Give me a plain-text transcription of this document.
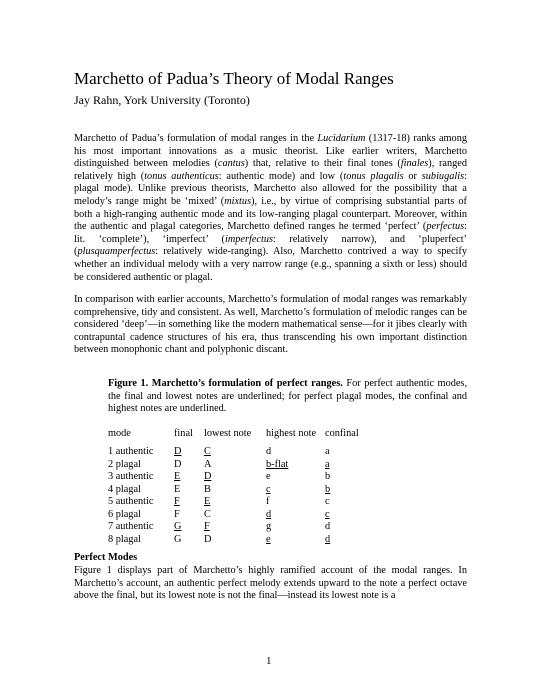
Marchetto of Padua’s Theory of Modal Ranges
Jay Rahn, York University (Toronto)
Marchetto of Padua’s formulation of modal ranges in the Lucidarium (1317-18) ranks among his most important innovations as a music theorist. Like earlier writers, Marchetto distinguished between melodies (cantus) that, relative to their final tones (finales), ranged relatively high (tonus authenticus: authentic mode) and low (tonus plagalis or subiugalis: plagal mode). Unlike previous theorists, Marchetto also allowed for the possibility that a melody’s range might be ‘mixed’ (mixtus), i.e., by virtue of comprising substantial parts of both a high-ranging authentic mode and its low-ranging plagal counterpart. Moreover, within the authentic and plagal categories, Marchetto defined ranges he termed ‘perfect’ (perfectus: lit. ‘complete’), ‘imperfect’ (imperfectus: relatively narrow), and ‘pluperfect’ (plusquamperfectus: relatively wide-ranging). Also, Marchetto contrived a way to specify whether an individual melody with a very narrow range (e.g., spanning a sixth or less) should be considered authentic or plagal.
In comparison with earlier accounts, Marchetto’s formulation of modal ranges was remarkably comprehensive, tidy and consistent. As well, Marchetto’s formulation of melodic ranges can be considered ‘deep’—in something like the modern mathematical sense—for it jibes clearly with contrapuntal cadence structures of his era, thus transcending his own important distinction between monophonic chant and polyphonic discant.
Figure 1. Marchetto’s formulation of perfect ranges. For perfect authentic modes, the final and lowest notes are underlined; for perfect plagal modes, the confinal and highest notes are underlined.
mode	final	lowest note	highest note	confinal
1 authentic	D	C	d	a
2 plagal	D	A	b-flat	a
3 authentic	E	D	e	b
4 plagal	E	B	c	b
5 authentic	F	E	f	c
6 plagal	F	C	d	c
7 authentic	G	F	g	d
8 plagal	G	D	e	d
Perfect Modes
Figure 1 displays part of Marchetto’s highly ramified account of the modal ranges. In Marchetto’s account, an authentic perfect melody extends upward to the note a perfect octave above the final, but its lowest note is not the final—instead its lowest note is a
1
